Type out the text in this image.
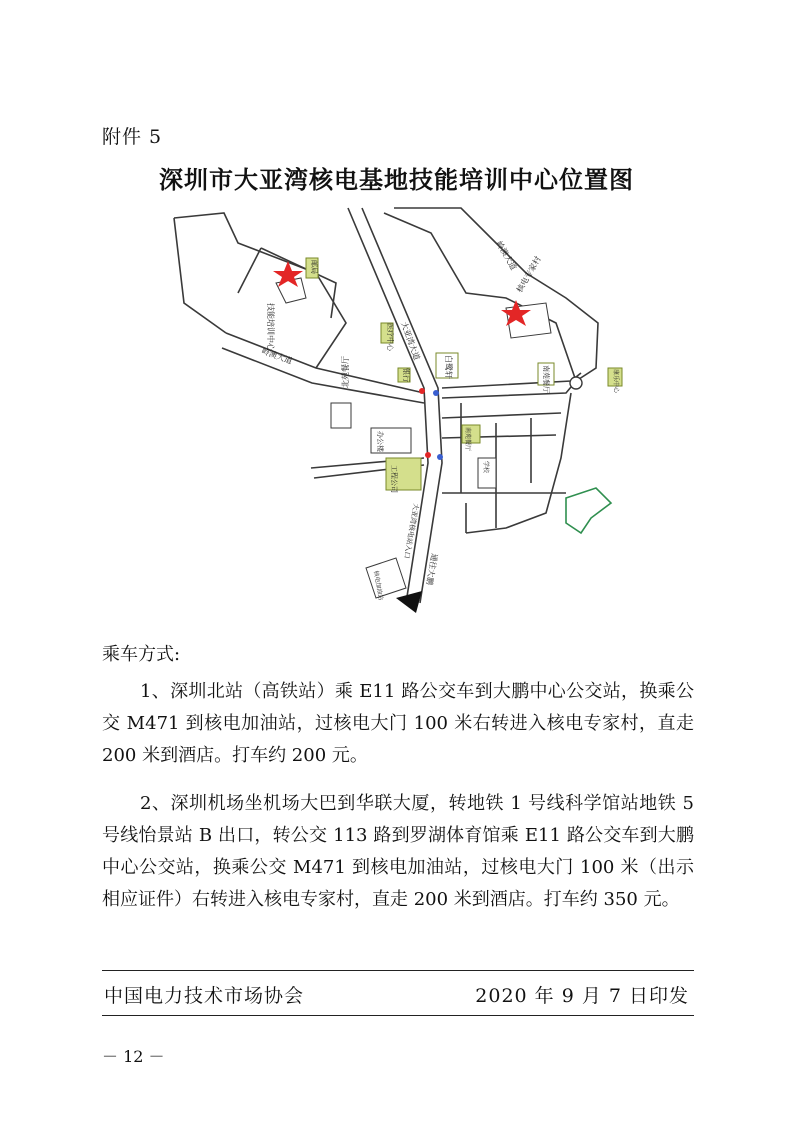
附件 5
深圳市大亚湾核电基地技能培训中心位置图
技能培训中心
核电专家村
大亚湾大道
岭澳大道
岭澳大道
北苑餐厅
医疗中心
银行	白鹭轩	南苑餐厅
邮局
办公楼	南苑餐厅
康乐中心
学校
工程公司
大亚湾核电站入口
核电加油站	通往大鹏
乘车方式:
1、深圳北站（高铁站）乘 E11 路公交车到大鹏中心公交站，换乘公交 M471 到核电加油站，过核电大门 100 米右转进入核电专家村，直走 200 米到酒店。打车约 200 元。
2、深圳机场坐机场大巴到华联大厦，转地铁 1 号线科学馆站地铁 5 号线怡景站 B 出口，转公交 113 路到罗湖体育馆乘 E11 路公交车到大鹏中心公交站，换乘公交 M471 到核电加油站，过核电大门 100 米（出示相应证件）右转进入核电专家村，直走 200 米到酒店。打车约 350 元。
中国电力技术市场协会	2020 年 9 月 7 日印发
－ 12 －
